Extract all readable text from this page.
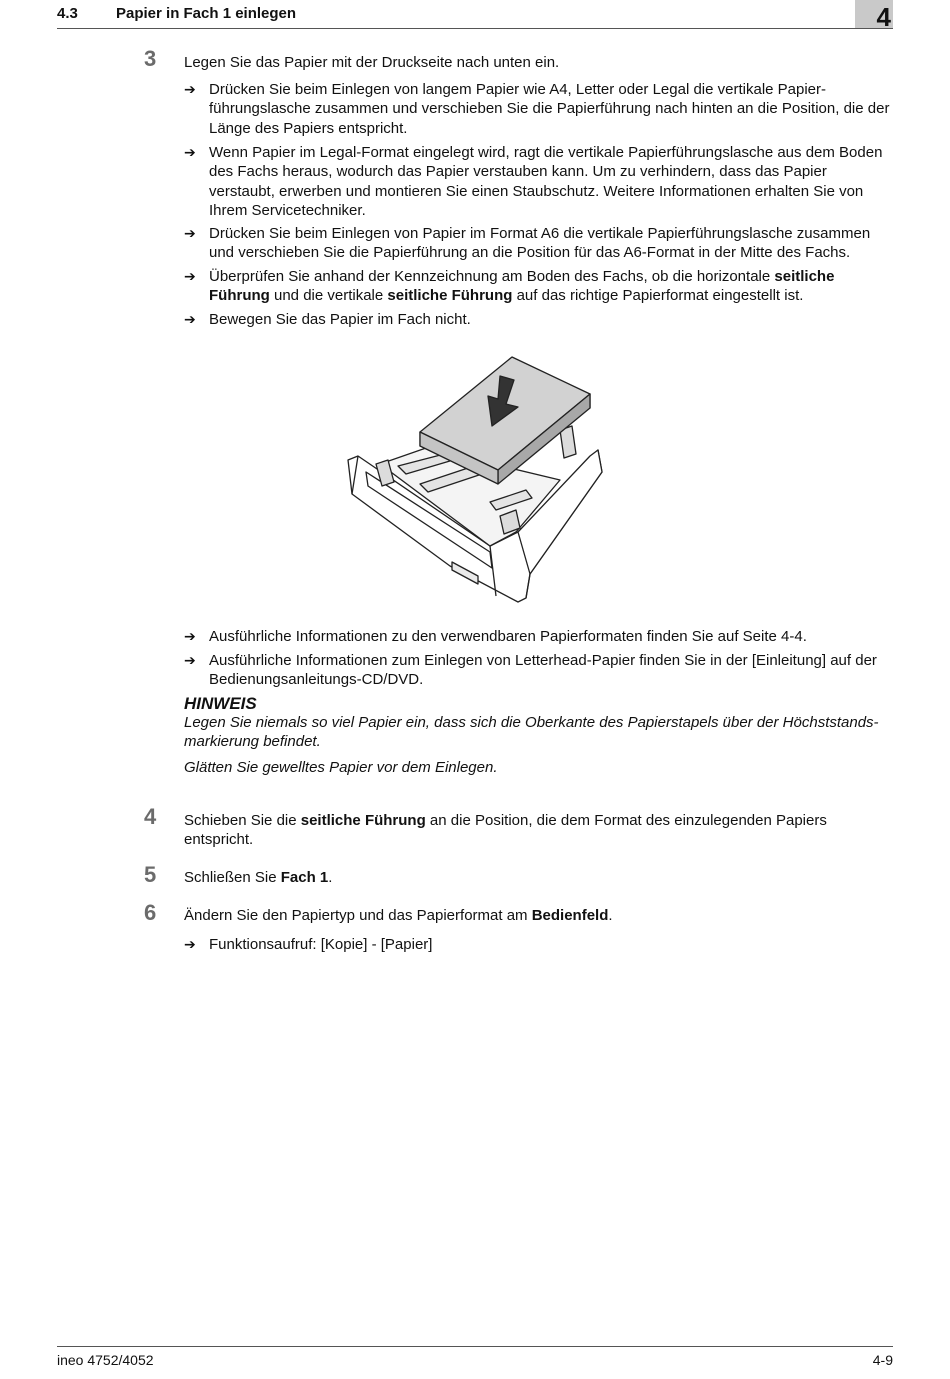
4.3	Papier in Fach 1 einlegen	4
3 Legen Sie das Papier mit der Druckseite nach unten ein.
➔ Drücken Sie beim Einlegen von langem Papier wie A4, Letter oder Legal die vertikale Papier-führungslasche zusammen und verschieben Sie die Papierführung nach hinten an die Position, die der Länge des Papiers entspricht.
➔ Wenn Papier im Legal-Format eingelegt wird, ragt die vertikale Papierführungslasche aus dem Boden des Fachs heraus, wodurch das Papier verstauben kann. Um zu verhindern, dass das Papier verstaubt, erwerben und montieren Sie einen Staubschutz. Weitere Informationen erhalten Sie von Ihrem Servicetechniker.
➔ Drücken Sie beim Einlegen von Papier im Format A6 die vertikale Papierführungslasche zusammen und verschieben Sie die Papierführung an die Position für das A6-Format in der Mitte des Fachs.
➔ Überprüfen Sie anhand der Kennzeichnung am Boden des Fachs, ob die horizontale seitliche Führung und die vertikale seitliche Führung auf das richtige Papierformat eingestellt ist.
➔ Bewegen Sie das Papier im Fach nicht.
➔ Ausführliche Informationen zu den verwendbaren Papierformaten finden Sie auf Seite 4-4.
➔ Ausführliche Informationen zum Einlegen von Letterhead-Papier finden Sie in der [Einleitung] auf der Bedienungsanleitungs-CD/DVD.
HINWEIS
Legen Sie niemals so viel Papier ein, dass sich die Oberkante des Papierstapels über der Höchststands-markierung befindet.
Glätten Sie gewelltes Papier vor dem Einlegen.
4 Schieben Sie die seitliche Führung an die Position, die dem Format des einzulegenden Papiers entspricht.
5 Schließen Sie Fach 1.
6 Ändern Sie den Papiertyp und das Papierformat am Bedienfeld.
➔ Funktionsaufruf: [Kopie] - [Papier]
ineo 4752/4052	4-9
